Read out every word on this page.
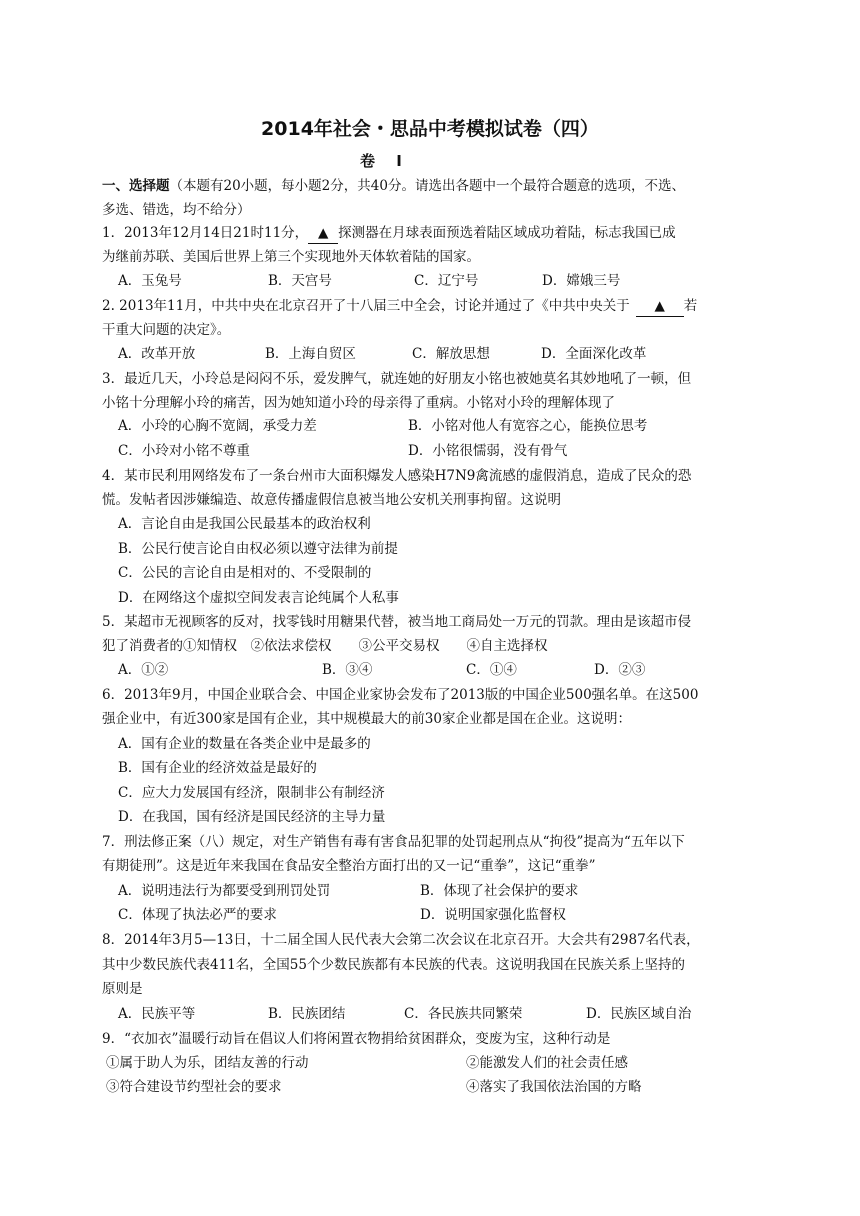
2014年社会・思品中考模拟试卷（四）
卷 Ⅰ
一、选择题（本题有20小题，每小题2分，共40分。请选出各题中一个最符合题意的选项，不选、
多选、错选，均不给分）
1．2013年12月14日21时11分， ▲ 探测器在月球表面预选着陆区域成功着陆，标志我国已成
为继前苏联、美国后世界上第三个实现地外天体软着陆的国家。
A．玉兔号	B．天宫号	C．辽宁号	D．嫦娥三号
2. 2013年11月，中共中央在北京召开了十八届三中全会，讨论并通过了《中共中央关于 ▲ 若
干重大问题的决定》。
A．改革开放	B．上海自贸区	C．解放思想	D．全面深化改革
3．最近几天，小玲总是闷闷不乐，爱发脾气，就连她的好朋友小铭也被她莫名其妙地吼了一顿，但
小铭十分理解小玲的痛苦，因为她知道小玲的母亲得了重病。小铭对小玲的理解体现了
A．小玲的心胸不宽阔，承受力差	B．小铭对他人有宽容之心，能换位思考
C．小玲对小铭不尊重	D．小铭很懦弱，没有骨气
4．某市民利用网络发布了一条台州市大面积爆发人感染H7N9禽流感的虚假消息，造成了民众的恐
慌。发帖者因涉嫌编造、故意传播虚假信息被当地公安机关刑事拘留。这说明
A．言论自由是我国公民最基本的政治权利
B．公民行使言论自由权必须以遵守法律为前提
C．公民的言论自由是相对的、不受限制的
D．在网络这个虚拟空间发表言论纯属个人私事
5．某超市无视顾客的反对，找零钱时用糖果代替，被当地工商局处一万元的罚款。理由是该超市侵
犯了消费者的①知情权　②依法求偿权　　③公平交易权　　④自主选择权
A．①②	B．③④	C．①④	D．②③
6．2013年9月，中国企业联合会、中国企业家协会发布了2013版的中国企业500强名单。在这500
强企业中，有近300家是国有企业，其中规模最大的前30家企业都是国在企业。这说明：
A．国有企业的数量在各类企业中是最多的
B．国有企业的经济效益是最好的
C．应大力发展国有经济，限制非公有制经济
D．在我国，国有经济是国民经济的主导力量
7．刑法修正案（八）规定，对生产销售有毒有害食品犯罪的处罚起刑点从“拘役”提高为“五年以下
有期徒刑”。这是近年来我国在食品安全整治方面打出的又一记“重拳”，这记“重拳”
A．说明违法行为都要受到刑罚处罚	B．体现了社会保护的要求
C．体现了执法必严的要求	D．说明国家强化监督权
8．2014年3月5—13日，十二届全国人民代表大会第二次会议在北京召开。大会共有2987名代表，
其中少数民族代表411名，全国55个少数民族都有本民族的代表。这说明我国在民族关系上坚持的
原则是
A．民族平等	B．民族团结	C．各民族共同繁荣	D．民族区域自治
9．“衣加衣”温暖行动旨在倡议人们将闲置衣物捐给贫困群众，变废为宝，这种行动是
①属于助人为乐，团结友善的行动	②能激发人们的社会责任感
③符合建设节约型社会的要求	④落实了我国依法治国的方略
